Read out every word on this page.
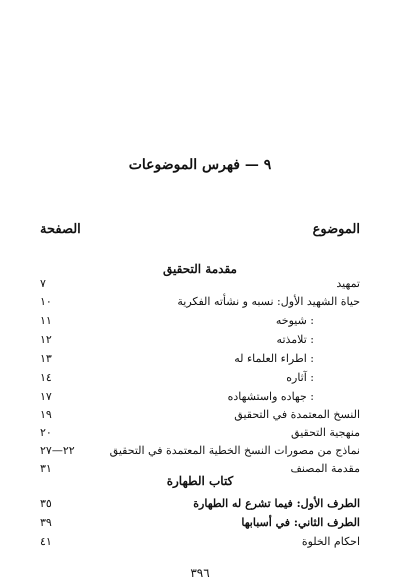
٩ — فهرس الموضوعات
الموضوع
الصفحة
مقدمة التحقيق
تمهيد
٧
حياة الشهيد الأول: نسبه و نشأته الفكرية
١٠
: شيوخه
١١
: تلامذته
١٢
: اطراء العلماء له
١٣
: آثاره
١٤
: جهاده واستشهاده
١٧
النسخ المعتمدة في التحقيق
١٩
منهجية التحقيق
٢٠
نماذج من مصورات النسخ الخطية المعتمدة في التحقيق
٢٢—٢٧
مقدمة المصنف
٣١
كتاب الطهارة
الطرف الأول: فيما تشرع له الطهارة
٣٥
الطرف الثاني: في أسبابها
٣٩
احكام الخلوة
٤١
٣٩٦
